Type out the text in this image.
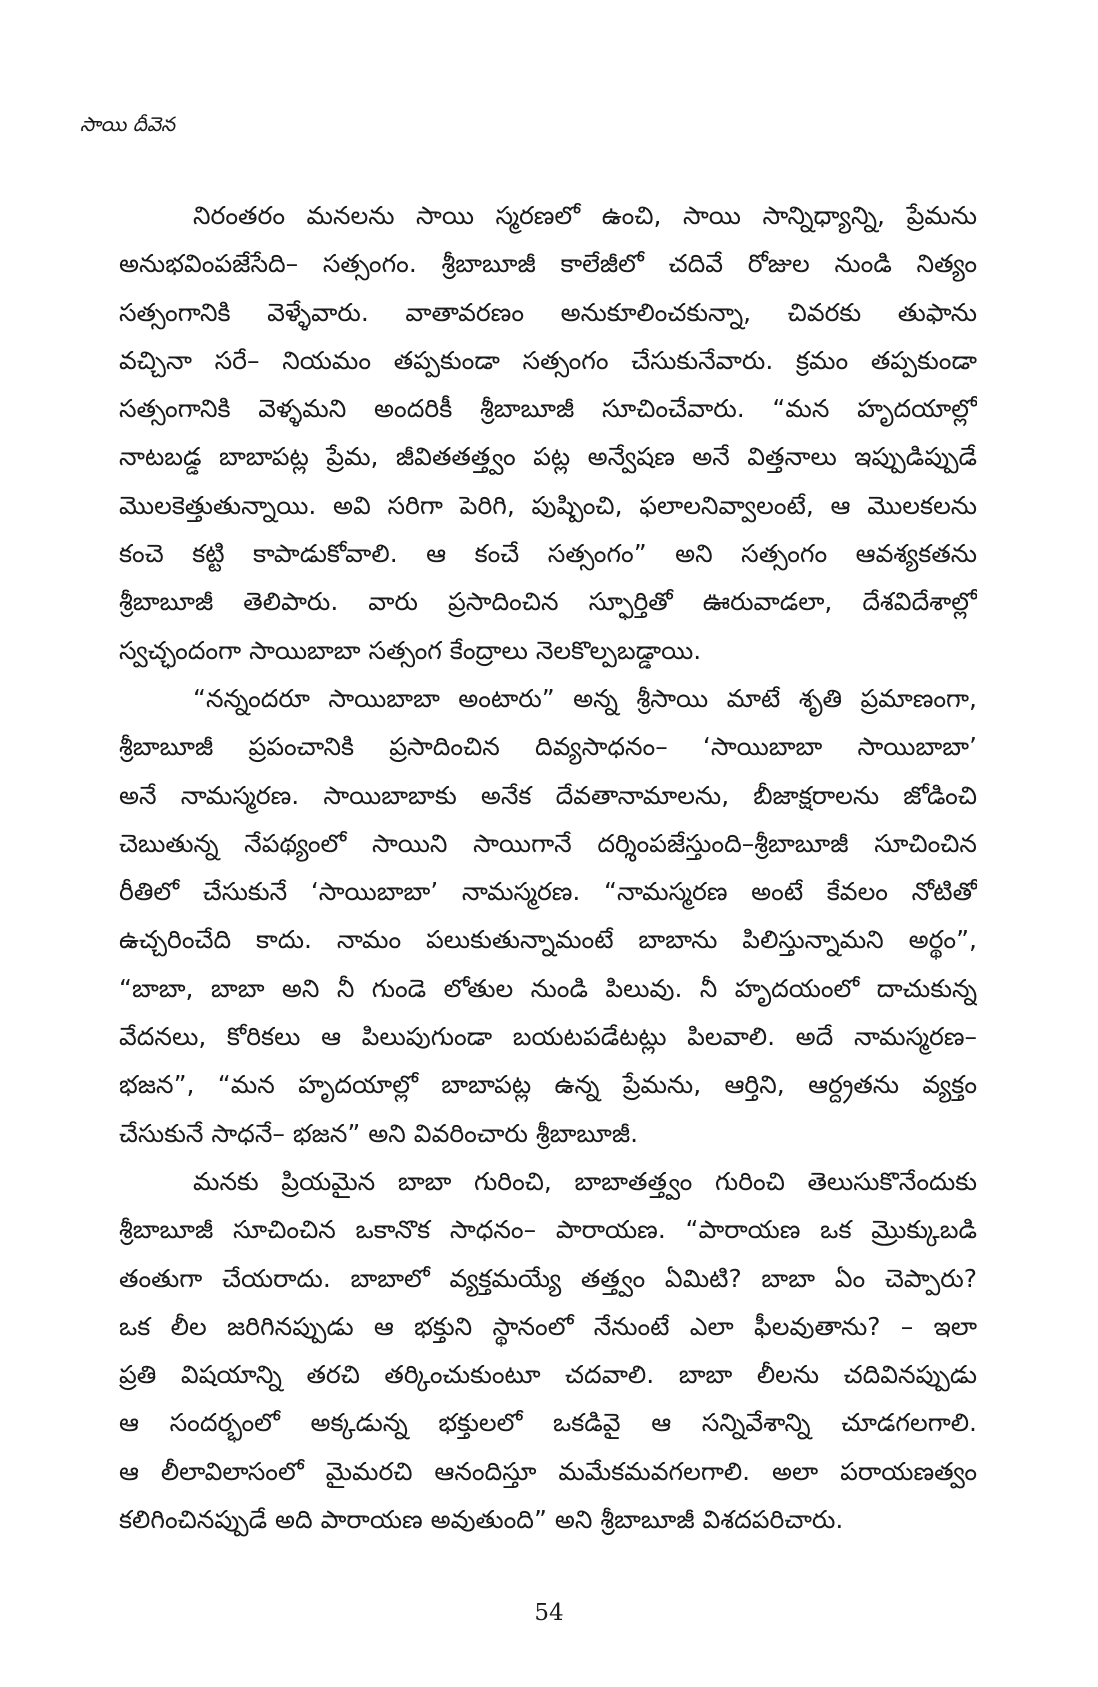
సాయి దీవెన
నిరంతరం మనలను సాయి స్మరణలో ఉంచి, సాయి సాన్నిధ్యాన్ని, ప్రేమను
అనుభవింపజేసేది– సత్సంగం. శ్రీబాబూజీ కాలేజీలో చదివే రోజుల నుండి నిత్యం
సత్సంగానికి వెళ్ళేవారు. వాతావరణం అనుకూలించకున్నా, చివరకు తుఫాను
వచ్చినా సరే– నియమం తప్పకుండా సత్సంగం చేసుకునేవారు. క్రమం తప్పకుండా
సత్సంగానికి వెళ్ళమని అందరికీ శ్రీబాబూజీ సూచించేవారు. “మన హృదయాల్లో
నాటబడ్డ బాబాపట్ల ప్రేమ, జీవితతత్త్వం పట్ల అన్వేషణ అనే విత్తనాలు ఇప్పుడిప్పుడే
మొలకెత్తుతున్నాయి. అవి సరిగా పెరిగి, పుష్పించి, ఫలాలనివ్వాలంటే, ఆ మొలకలను
కంచె కట్టి కాపాడుకోవాలి. ఆ కంచే సత్సంగం” అని సత్సంగం ఆవశ్యకతను
శ్రీబాబూజీ తెలిపారు. వారు ప్రసాదించిన స్ఫూర్తితో ఊరువాడలా, దేశవిదేశాల్లో
స్వచ్ఛందంగా సాయిబాబా సత్సంగ కేంద్రాలు నెలకొల్పబడ్డాయి.
“నన్నందరూ సాయిబాబా అంటారు” అన్న శ్రీసాయి మాటే శృతి ప్రమాణంగా,
శ్రీబాబూజీ ప్రపంచానికి ప్రసాదించిన దివ్యసాధనం– ‘సాయిబాబా సాయిబాబా’
అనే నామస్మరణ. సాయిబాబాకు అనేక దేవతానామాలను, బీజాక్షరాలను జోడించి
చెబుతున్న నేపథ్యంలో సాయిని సాయిగానే దర్శింపజేస్తుంది–శ్రీబాబూజీ సూచించిన
రీతిలో చేసుకునే ‘సాయిబాబా’ నామస్మరణ. “నామస్మరణ అంటే కేవలం నోటితో
ఉచ్చరించేది కాదు. నామం పలుకుతున్నామంటే బాబాను పిలిస్తున్నామని అర్థం”,
“బాబా, బాబా అని నీ గుండె లోతుల నుండి పిలువు. నీ హృదయంలో దాచుకున్న
వేదనలు, కోరికలు ఆ పిలుపుగుండా బయటపడేటట్లు పిలవాలి. అదే నామస్మరణ–
భజన”, “మన హృదయాల్లో బాబాపట్ల ఉన్న ప్రేమను, ఆర్తిని, ఆర్ద్రతను వ్యక్తం
చేసుకునే సాధనే– భజన” అని వివరించారు శ్రీబాబూజీ.
మనకు ప్రియమైన బాబా గురించి, బాబాతత్త్వం గురించి తెలుసుకొనేందుకు
శ్రీబాబూజీ సూచించిన ఒకానొక సాధనం– పారాయణ. “పారాయణ ఒక మ్రొక్కుబడి
తంతుగా చేయరాదు. బాబాలో వ్యక్తమయ్యే తత్త్వం ఏమిటి? బాబా ఏం చెప్పారు?
ఒక లీల జరిగినప్పుడు ఆ భక్తుని స్థానంలో నేనుంటే ఎలా ఫీలవుతాను? – ఇలా
ప్రతి విషయాన్ని తరచి తర్కించుకుంటూ చదవాలి. బాబా లీలను చదివినప్పుడు
ఆ సందర్భంలో అక్కడున్న భక్తులలో ఒకడివై ఆ సన్నివేశాన్ని చూడగలగాలి.
ఆ లీలావిలాసంలో మైమరచి ఆనందిస్తూ మమేకమవగలగాలి. అలా పరాయణత్వం
కలిగించినప్పుడే అది పారాయణ అవుతుంది” అని శ్రీబాబూజీ విశదపరిచారు.
54
